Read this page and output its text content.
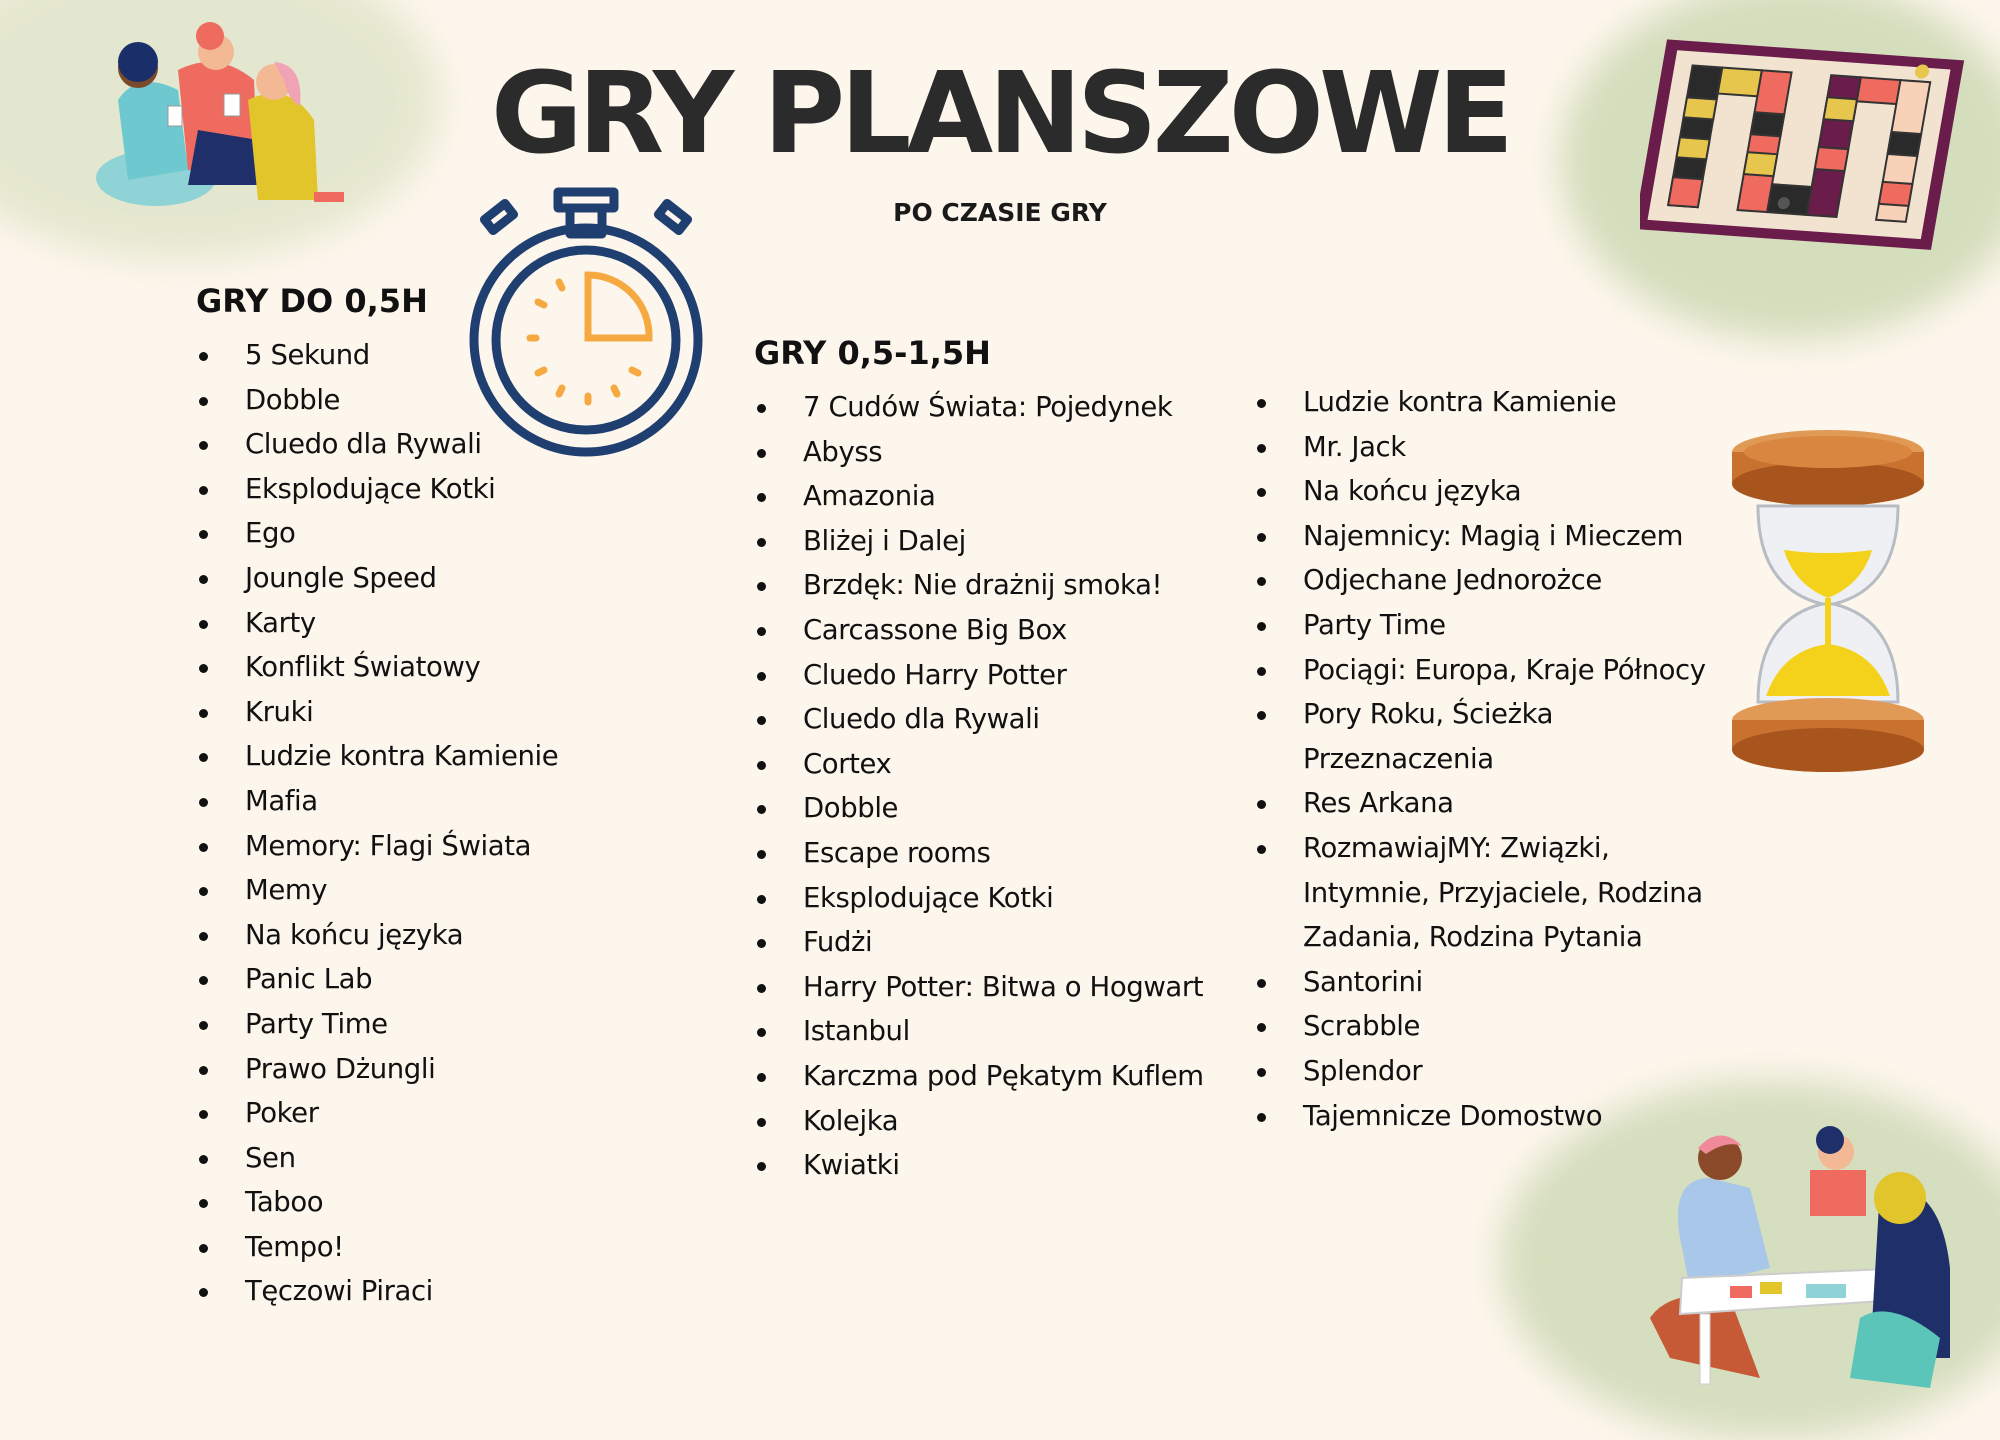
GRY PLANSZOWE
PO CZASIE GRY
GRY DO 0,5H
5 Sekund
Dobble
Cluedo dla Rywali
Eksplodujące Kotki
Ego
Joungle Speed
Karty
Konflikt Światowy
Kruki
Ludzie kontra Kamienie
Mafia
Memory: Flagi Świata
Memy
Na końcu języka
Panic Lab
Party Time
Prawo Dżungli
Poker
Sen
Taboo
Tempo!
Tęczowi Piraci
GRY 0,5-1,5H
7 Cudów Świata: Pojedynek
Abyss
Amazonia
Bliżej i Dalej
Brzdęk: Nie drażnij smoka!
Carcassone Big Box
Cluedo Harry Potter
Cluedo dla Rywali
Cortex
Dobble
Escape rooms
Eksplodujące Kotki
Fudżi
Harry Potter: Bitwa o Hogwart
Istanbul
Karczma pod Pękatym Kuflem
Kolejka
Kwiatki
Ludzie kontra Kamienie
Mr. Jack
Na końcu języka
Najemnicy: Magią i Mieczem
Odjechane Jednorożce
Party Time
Pociągi: Europa, Kraje Północy
Pory Roku, Ścieżka
Przeznaczenia
Res Arkana
RozmawiajMY: Związki,
Intymnie, Przyjaciele, Rodzina
Zadania, Rodzina Pytania
Santorini
Scrabble
Splendor
Tajemnicze Domostwo
